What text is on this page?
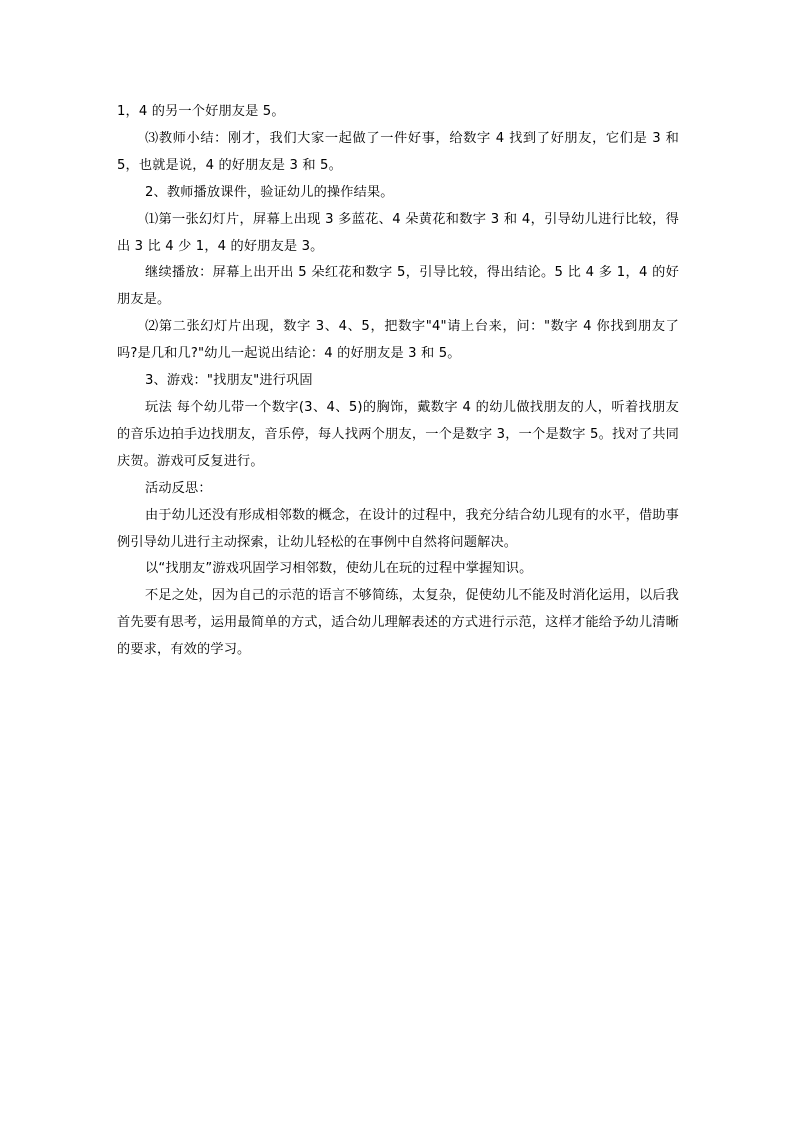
1，4 的另一个好朋友是 5。

⑶教师小结：刚才，我们大家一起做了一件好事，给数字 4 找到了好朋友，它们是 3 和 5，也就是说，4 的好朋友是 3 和 5。

2、教师播放课件，验证幼儿的操作结果。

⑴第一张幻灯片，屏幕上出现 3 多蓝花、4 朵黄花和数字 3 和 4，引导幼儿进行比较，得出 3 比 4 少 1，4 的好朋友是 3。

继续播放：屏幕上出开出 5 朵红花和数字 5，引导比较，得出结论。5 比 4 多 1，4 的好朋友是。

⑵第二张幻灯片出现，数字 3、4、5，把数字"4"请上台来，问："数字 4 你找到朋友了吗?是几和几?"幼儿一起说出结论：4 的好朋友是 3 和 5。

3、游戏："找朋友"进行巩固

玩法 每个幼儿带一个数字(3、4、5)的胸饰，戴数字 4 的幼儿做找朋友的人，听着找朋友的音乐边拍手边找朋友，音乐停，每人找两个朋友，一个是数字 3，一个是数字 5。找对了共同庆贺。游戏可反复进行。

活动反思：

由于幼儿还没有形成相邻数的概念，在设计的过程中，我充分结合幼儿现有的水平，借助事例引导幼儿进行主动探索，让幼儿轻松的在事例中自然将问题解决。

以“找朋友”游戏巩固学习相邻数，使幼儿在玩的过程中掌握知识。

不足之处，因为自己的示范的语言不够简练，太复杂，促使幼儿不能及时消化运用，以后我首先要有思考，运用最简单的方式，适合幼儿理解表述的方式进行示范，这样才能给予幼儿清晰的要求，有效的学习。
